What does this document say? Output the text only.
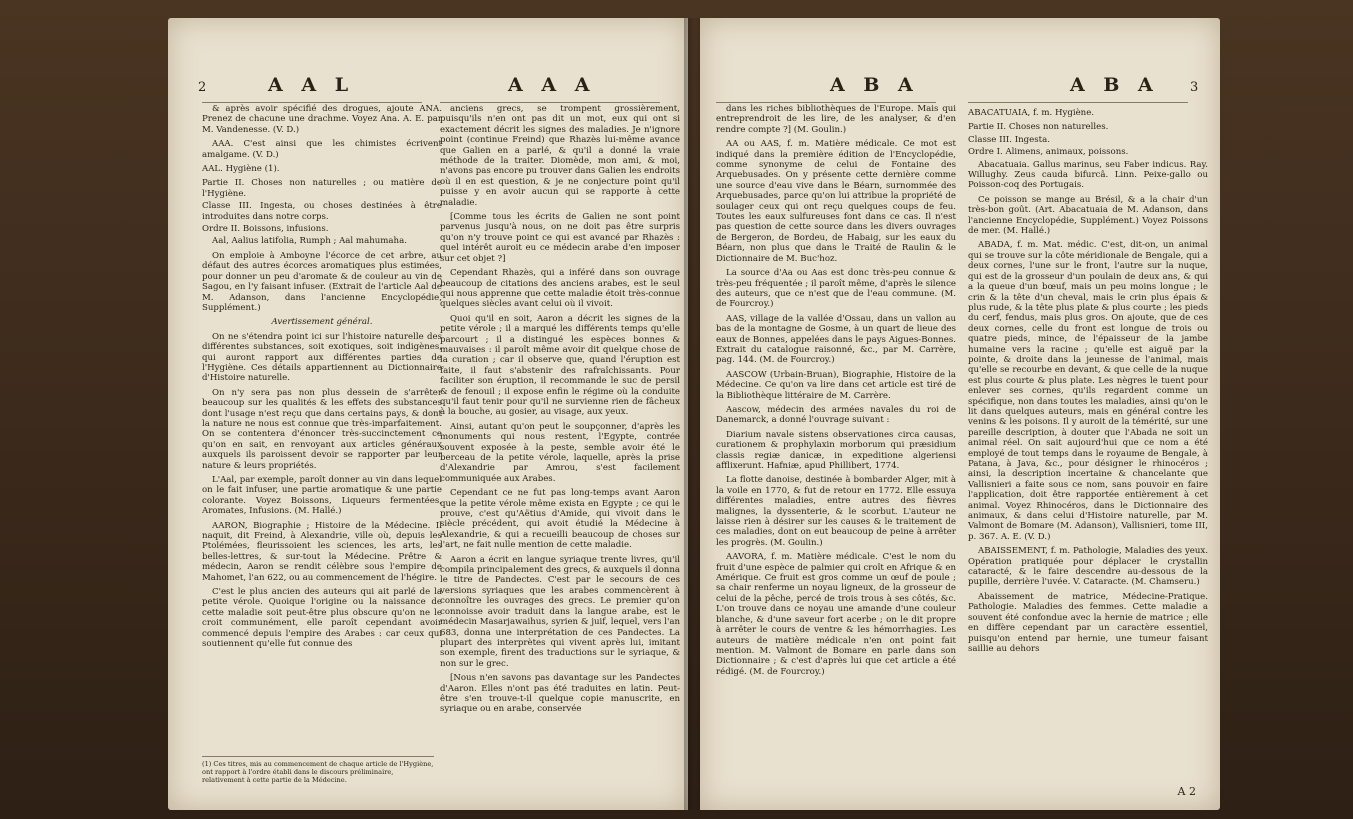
2	A A L	A A A

& après avoir spécifié des drogues, ajoute ANA. Prenez de chacune une drachme. Voyez Ana. A. E. par M. Vandenesse. (V. D.)

AAA. C'est ainsi que les chimistes écrivent amalgame. (V. D.)

AAL. Hygiène (1).

Partie II. Choses non naturelles ; ou matière de l'Hygiène.

Classe III. Ingesta, ou choses destinées à être introduites dans notre corps.

Ordre II. Boissons, infusions.

Aal, Aalius latifolia, Rumph ; Aal mahumaha.

On emploie à Amboyne l'écorce de cet arbre, au défaut des autres écorces aromatiques plus estimées, pour donner un peu d'aromate & de couleur au vin de Sagou, en l'y faisant infuser. (Extrait de l'article Aal de M. Adanson, dans l'ancienne Encyclopédie, Supplément.)

Avertissement général.

On ne s'étendra point ici sur l'histoire naturelle des différentes substances, soit exotiques, soit indigènes, qui auront rapport aux différentes parties de l'Hygiène. Ces détails appartiennent au Dictionnaire d'Histoire naturelle.

On n'y sera pas non plus dessein de s'arrêter beaucoup sur les qualités & les effets des substances dont l'usage n'est reçu que dans certains pays, & dont la nature ne nous est connue que très-imparfaitement. On se contentera d'énoncer très-succinctement ce qu'on en sait, en renvoyant aux articles généraux auxquels ils paroissent devoir se rapporter par leur nature & leurs propriétés.

L'Aal, par exemple, paroît donner au vin dans lequel on le fait infuser, une partie aromatique & une partie colorante. Voyez Boissons, Liqueurs fermentées, Aromates, Infusions. (M. Hallé.)

AARON, Biographie ; Histoire de la Médecine. Il naquit, dit Freind, à Alexandrie, ville où, depuis les Ptolémées, fleurissoient les sciences, les arts, les belles-lettres, & sur-tout la Médecine. Prêtre & médecin, Aaron se rendit célèbre sous l'empire de Mahomet, l'an 622, ou au commencement de l'hégire.

C'est le plus ancien des auteurs qui ait parlé de la petite vérole. Quoique l'origine ou la naissance de cette maladie soit peut-être plus obscure qu'on ne le croit communément, elle paroît cependant avoir commencé depuis l'empire des Arabes : car ceux qui soutiennent qu'elle fut connue des

anciens grecs, se trompent grossièrement, puisqu'ils n'en ont pas dit un mot, eux qui ont si exactement décrit les signes des maladies. Je n'ignore point (continue Freind) que Rhazès lui-même avance que Galien en a parlé, & qu'il a donné la vraie méthode de la traiter. Diomède, mon ami, & moi, n'avons pas encore pu trouver dans Galien les endroits où il en est question, & je ne conjecture point qu'il puisse y en avoir aucun qui se rapporte à cette maladie.

[Comme tous les écrits de Galien ne sont point parvenus jusqu'à nous, on ne doit pas être surpris qu'on n'y trouve point ce qui est avancé par Rhazès : quel intérêt auroit eu ce médecin arabe d'en imposer sur cet objet ?]

Cependant Rhazès, qui a inféré dans son ouvrage beaucoup de citations des anciens arabes, est le seul qui nous apprenne que cette maladie étoit très-connue quelques siècles avant celui où il vivoit.

Quoi qu'il en soit, Aaron a décrit les signes de la petite vérole ; il a marqué les différents temps qu'elle parcourt ; il a distingué les espèces bonnes & mauvaises : il paroît même avoir dit quelque chose de la curation ; car il observe que, quand l'éruption est faite, il faut s'abstenir des rafraîchissants. Pour faciliter son éruption, il recommande le suc de persil & de fenouil ; il expose enfin le régime où la conduite qu'il faut tenir pour qu'il ne survienne rien de fâcheux à la bouche, au gosier, au visage, aux yeux.

Ainsi, autant qu'on peut le soupçonner, d'après les monuments qui nous restent, l'Egypte, contrée souvent exposée à la peste, semble avoir été le berceau de la petite vérole, laquelle, après la prise d'Alexandrie par Amrou, s'est facilement communiquée aux Arabes.

Cependant ce ne fut pas long-temps avant Aaron que la petite vérole même exista en Egypte ; ce qui le prouve, c'est qu'Aëtius d'Amide, qui vivoit dans le siècle précédent, qui avoit étudié la Médecine à Alexandrie, & qui a recueilli beaucoup de choses sur l'art, ne fait nulle mention de cette maladie.

Aaron a écrit en langue syriaque trente livres, qu'il compila principalement des grecs, & auxquels il donna le titre de Pandectes. C'est par le secours de ces versions syriaques que les arabes commencèrent à connoître les ouvrages des grecs. Le premier qu'on connoisse avoir traduit dans la langue arabe, est le médecin Masarjawaihus, syrien & juif, lequel, vers l'an 683, donna une interprétation de ces Pandectes. La plupart des interprètes qui vivent après lui, imitant son exemple, firent des traductions sur le syriaque, & non sur le grec.

[Nous n'en savons pas davantage sur les Pandectes d'Aaron. Elles n'ont pas été traduites en latin. Peut-être s'en trouve-t-il quelque copie manuscrite, en syriaque ou en arabe, conservée

(1) Ces titres, mis au commencement de chaque article de l'Hygiène, ont rapport à l'ordre établi dans le discours préliminaire, relativement à cette partie de la Médecine.
A B A	A B A 3

dans les riches bibliothèques de l'Europe. Mais qui entreprendroit de les lire, de les analyser, & d'en rendre compte ?] (M. Goulin.)

AA ou AAS, f. m. Matière médicale. Ce mot est indiqué dans la première édition de l'Encyclopédie, comme synonyme de celui de Fontaine des Arquebusades. On y présente cette dernière comme une source d'eau vive dans le Béarn, surnommée des Arquebusades, parce qu'on lui attribue la propriété de soulager ceux qui ont reçu quelques coups de feu. Toutes les eaux sulfureuses font dans ce cas. Il n'est pas question de cette source dans les divers ouvrages de Bergeron, de Bordeu, de Habaig, sur les eaux du Béarn, non plus que dans le Traité de Raulin & le Dictionnaire de M. Buc'hoz.

La source d'Aa ou Aas est donc très-peu connue & très-peu fréquentée ; il paroît même, d'après le silence des auteurs, que ce n'est que de l'eau commune. (M. de Fourcroy.)

AAS, village de la vallée d'Ossau, dans un vallon au bas de la montagne de Gosme, à un quart de lieue des eaux de Bonnes, appelées dans le pays Aigues-Bonnes. Extrait du catalogue raisonné, &c., par M. Carrère, pag. 144. (M. de Fourcroy.)

AASCOW (Urbain-Bruan), Biographie, Histoire de la Médecine. Ce qu'on va lire dans cet article est tiré de la Bibliothèque littéraire de M. Carrère.

Aascow, médecin des armées navales du roi de Danemarck, a donné l'ouvrage suivant :

Diarium navale sistens observationes circa causas, curationem & prophylaxin morborum qui præsidium classis regiæ danicæ, in expeditione algeriensi afflixerunt. Hafniæ, apud Phillibert, 1774.

La flotte danoise, destinée à bombarder Alger, mit à la voile en 1770, & fut de retour en 1772. Elle essuya différentes maladies, entre autres des fièvres malignes, la dyssenterie, & le scorbut. L'auteur ne laisse rien à désirer sur les causes & le traitement de ces maladies, dont on eut beaucoup de peine à arrêter les progrès. (M. Goulin.)

AAVORA, f. m. Matière médicale. C'est le nom du fruit d'une espèce de palmier qui croît en Afrique & en Amérique. Ce fruit est gros comme un œuf de poule ; sa chair renferme un noyau ligneux, de la grosseur de celui de la pêche, percé de trois trous à ses côtés, &c. L'on trouve dans ce noyau une amande d'une couleur blanche, & d'une saveur fort acerbe ; on le dit propre à arrêter le cours de ventre & les hémorrhagies. Les auteurs de matière médicale n'en ont point fait mention. M. Valmont de Bomare en parle dans son Dictionnaire ; & c'est d'après lui que cet article a été rédigé. (M. de Fourcroy.)

ABACATUAIA, f. m. Hygiène.

Partie II. Choses non naturelles.

Classe III. Ingesta.

Ordre I. Alimens, animaux, poissons.

Abacatuaia. Gallus marinus, seu Faber indicus. Ray. Willughy. Zeus cauda bifurcâ. Linn. Peixe-gallo ou Poisson-coq des Portugais.

Ce poisson se mange au Brésil, & a la chair d'un très-bon goût. (Art. Abacatuaia de M. Adanson, dans l'ancienne Encyclopédie, Supplément.) Voyez Poissons de mer. (M. Hallé.)

ABADA, f. m. Mat. médic. C'est, dit-on, un animal qui se trouve sur la côte méridionale de Bengale, qui a deux cornes, l'une sur le front, l'autre sur la nuque, qui est de la grosseur d'un poulain de deux ans, & qui a la queue d'un bœuf, mais un peu moins longue ; le crin & la tête d'un cheval, mais le crin plus épais & plus rude, & la tête plus plate & plus courte ; les pieds du cerf, fendus, mais plus gros. On ajoute, que de ces deux cornes, celle du front est longue de trois ou quatre pieds, mince, de l'épaisseur de la jambe humaine vers la racine ; qu'elle est aiguë par la pointe, & droite dans la jeunesse de l'animal, mais qu'elle se recourbe en devant, & que celle de la nuque est plus courte & plus plate. Les nègres le tuent pour enlever ses cornes, qu'ils regardent comme un spécifique, non dans toutes les maladies, ainsi qu'on le lit dans quelques auteurs, mais en général contre les venins & les poisons. Il y auroit de la témérité, sur une pareille description, à douter que l'Abada ne soit un animal réel. On sait aujourd'hui que ce nom a été employé de tout temps dans le royaume de Bengale, à Patana, à Java, &c., pour désigner le rhinocéros ; ainsi, la description incertaine & chancelante que Vallisnieri a faite sous ce nom, sans pouvoir en faire l'application, doit être rapportée entièrement à cet animal. Voyez Rhinocéros, dans le Dictionnaire des animaux, & dans celui d'Histoire naturelle, par M. Valmont de Bomare (M. Adanson), Vallisnieri, tome III, p. 367. A. E. (V. D.)

ABAISSEMENT, f. m. Pathologie, Maladies des yeux. Opération pratiquée pour déplacer le crystallin cataracté, & le faire descendre au-dessous de la pupille, derrière l'uvée. V. Cataracte. (M. Chamseru.)

Abaissement de matrice, Médecine-Pratique. Pathologie. Maladies des femmes. Cette maladie a souvent été confondue avec la hernie de matrice ; elle en diffère cependant par un caractère essentiel, puisqu'on entend par hernie, une tumeur faisant saillie au dehors

A 2
